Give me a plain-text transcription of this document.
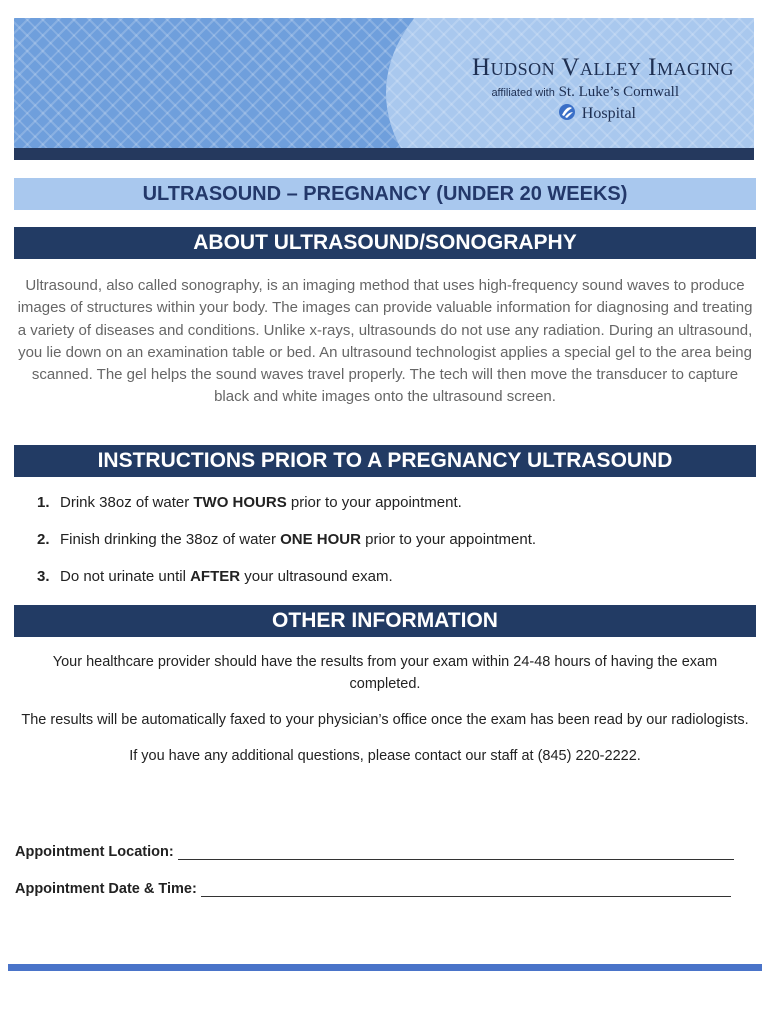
Hudson Valley Imaging
affiliated with St. Luke’s Cornwall
Hospital
ULTRASOUND – PREGNANCY (UNDER 20 WEEKS)
ABOUT ULTRASOUND/SONOGRAPHY
Ultrasound, also called sonography, is an imaging method that uses high-frequency sound waves to produce images of structures within your body. The images can provide valuable information for diagnosing and treating a variety of diseases and conditions. Unlike x-rays, ultrasounds do not use any radiation. During an ultrasound, you lie down on an examination table or bed. An ultrasound technologist applies a special gel to the area being scanned. The gel helps the sound waves travel properly. The tech will then move the transducer to capture black and white images onto the ultrasound screen.
INSTRUCTIONS PRIOR TO A PREGNANCY ULTRASOUND
1. Drink 38oz of water TWO HOURS prior to your appointment.
2. Finish drinking the 38oz of water ONE HOUR prior to your appointment.
3. Do not urinate until AFTER your ultrasound exam.
OTHER INFORMATION

Your healthcare provider should have the results from your exam within 24-48 hours of having the exam completed.

The results will be automatically faxed to your physician’s office once the exam has been read by our radiologists.

If you have any additional questions, please contact our staff at (845) 220-2222.

Appointment Location:
Appointment Date & Time:
